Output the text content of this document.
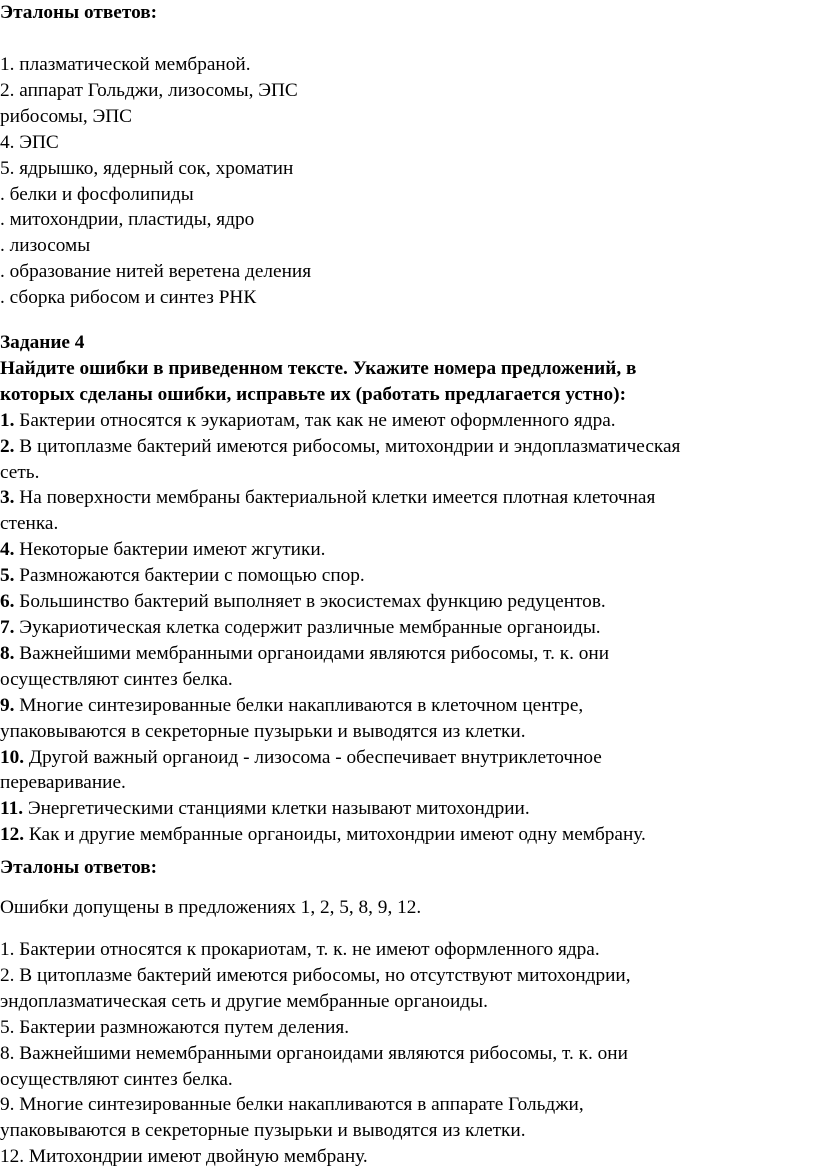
Эталоны ответов:
1. плазматической мембраной.
2. аппарат Гольджи, лизосомы, ЭПС
рибосомы, ЭПС
4. ЭПС
5. ядрышко, ядерный сок, хроматин
. белки и фосфолипиды
. митохондрии, пластиды, ядро
. лизосомы
. образование нитей веретена деления
. сборка рибосом и синтез РНК
Задание 4
Найдите ошибки в приведенном тексте. Укажите номера предложений, в
которых сделаны ошибки, исправьте их (работать предлагается устно):
1. Бактерии относятся к эукариотам, так как не имеют оформленного ядра.
2. В цитоплазме бактерий имеются рибосомы, митохондрии и эндоплазматическая
сеть.
3. На поверхности мембраны бактериальной клетки имеется плотная клеточная
стенка.
4. Некоторые бактерии имеют жгутики.
5. Размножаются бактерии с помощью спор.
6. Большинство бактерий выполняет в экосистемах функцию редуцентов.
7. Эукариотическая клетка содержит различные мембранные органоиды.
8. Важнейшими мембранными органоидами являются рибосомы, т. к. они
осуществляют синтез белка.
9. Многие синтезированные белки накапливаются в клеточном центре,
упаковываются в секреторные пузырьки и выводятся из клетки.
10. Другой важный органоид - лизосома - обеспечивает внутриклеточное
переваривание.
11. Энергетическими станциями клетки называют митохондрии.
12. Как и другие мембранные органоиды, митохондрии имеют одну мембрану.
Эталоны ответов:
Ошибки допущены в предложениях 1, 2, 5, 8, 9, 12.
1. Бактерии относятся к прокариотам, т. к. не имеют оформленного ядра.
2. В цитоплазме бактерий имеются рибосомы, но отсутствуют митохондрии,
эндоплазматическая сеть и другие мембранные органоиды.
5. Бактерии размножаются путем деления.
8. Важнейшими немембранными органоидами являются рибосомы, т. к. они
осуществляют синтез белка.
9. Многие синтезированные белки накапливаются в аппарате Гольджи,
упаковываются в секреторные пузырьки и выводятся из клетки.
12. Митохондрии имеют двойную мембрану.
